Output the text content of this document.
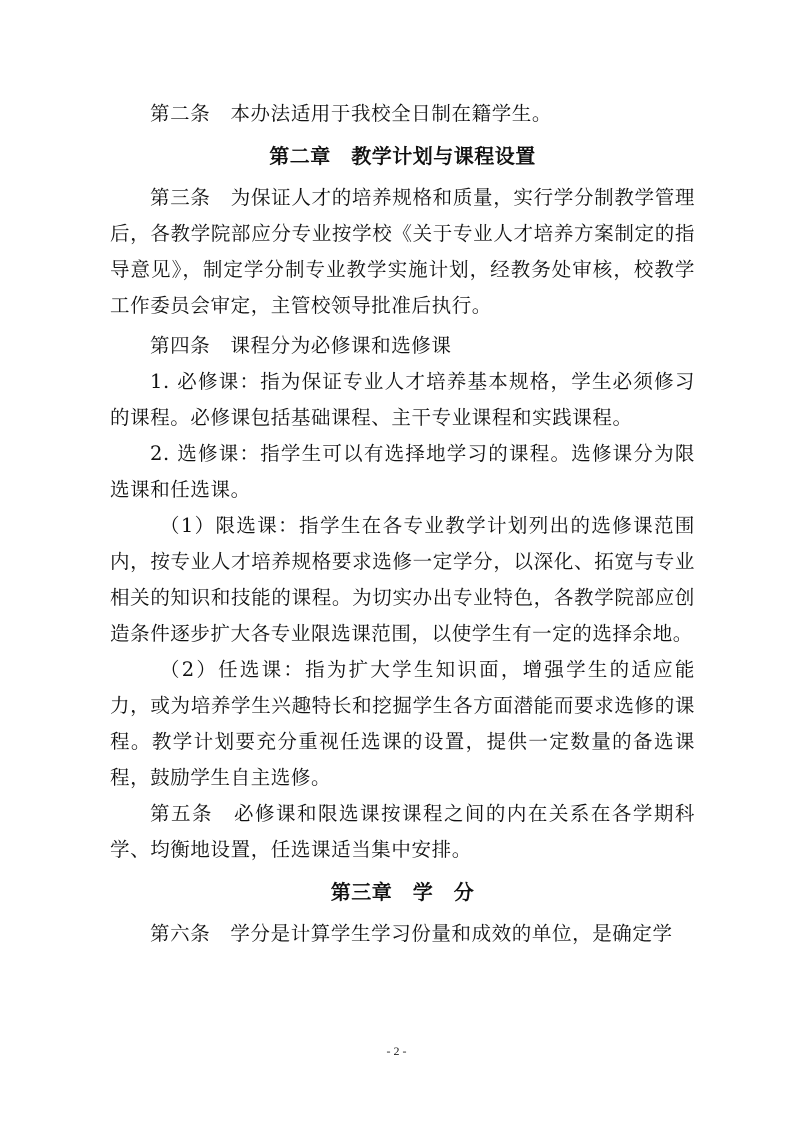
第二条　本办法适用于我校全日制在籍学生。

第二章　教学计划与课程设置

第三条　为保证人才的培养规格和质量，实行学分制教学管理后，各教学院部应分专业按学校《关于专业人才培养方案制定的指导意见》，制定学分制专业教学实施计划，经教务处审核，校教学工作委员会审定，主管校领导批准后执行。

第四条　课程分为必修课和选修课

1. 必修课：指为保证专业人才培养基本规格，学生必须修习的课程。必修课包括基础课程、主干专业课程和实践课程。

2. 选修课：指学生可以有选择地学习的课程。选修课分为限选课和任选课。

（1）限选课：指学生在各专业教学计划列出的选修课范围内，按专业人才培养规格要求选修一定学分，以深化、拓宽与专业相关的知识和技能的课程。为切实办出专业特色，各教学院部应创造条件逐步扩大各专业限选课范围，以使学生有一定的选择余地。

（2）任选课：指为扩大学生知识面，增强学生的适应能力，或为培养学生兴趣特长和挖掘学生各方面潜能而要求选修的课程。教学计划要充分重视任选课的设置，提供一定数量的备选课程，鼓励学生自主选修。

第五条　必修课和限选课按课程之间的内在关系在各学期科学、均衡地设置，任选课适当集中安排。

第三章　学　分

第六条　学分是计算学生学习份量和成效的单位，是确定学

- 2 -
